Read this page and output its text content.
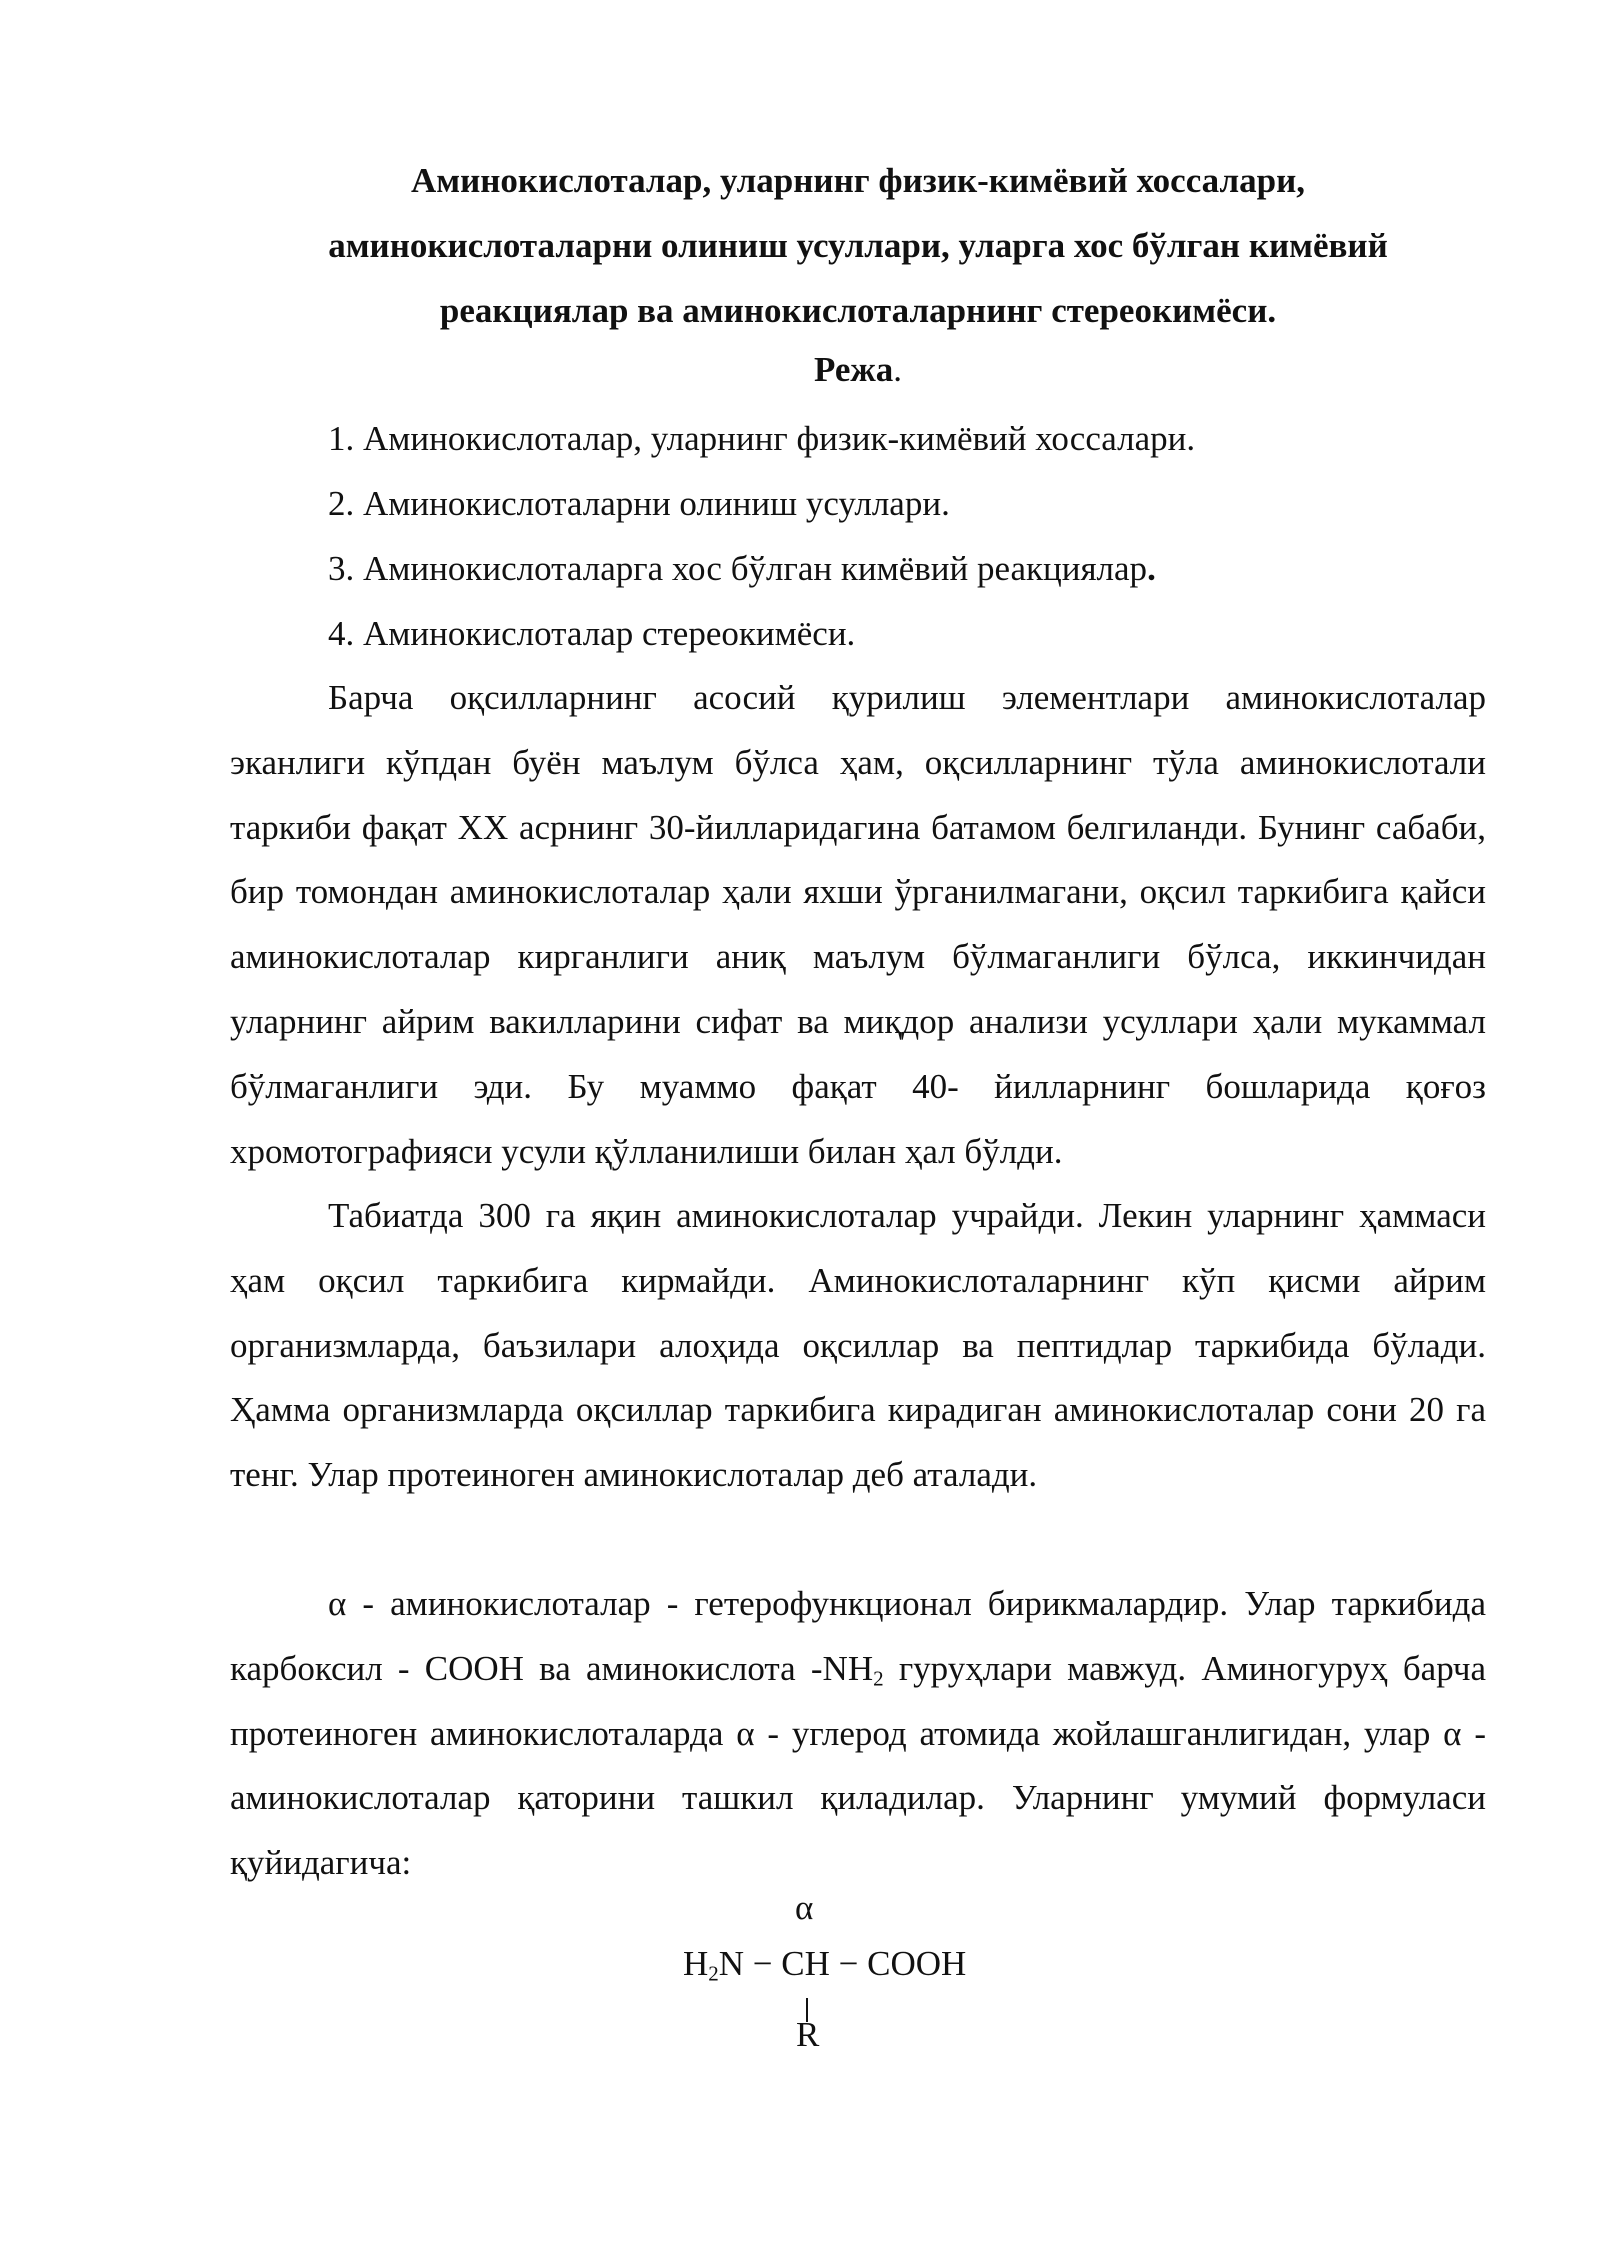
Аминокислоталар, уларнинг физик-кимёвий хоссалари,
аминокислоталарни олиниш усуллари, уларга хос бўлган кимёвий
реакциялар ва аминокислоталарнинг стереокимёси.
Режа.
1. Аминокислоталар, уларнинг физик-кимёвий хоссалари.
2. Аминокислоталарни олиниш усуллари.
3. Аминокислоталарга хос бўлган кимёвий реакциялар.
4. Аминокислоталар стереокимёси.

Барча оқсилларнинг асосий қурилиш элементлари аминокислоталар эканлиги кўпдан буён маълум бўлса ҳам, оқсилларнинг тўла аминокислотали таркиби фақат XX асрнинг 30-йилларидагина батамом белгиланди. Бунинг сабаби, бир томондан аминокислоталар ҳали яхши ўрганилмагани, оқсил таркибига қайси аминокислоталар кирганлиги аниқ маълум бўлмаганлиги бўлса, иккинчидан уларнинг айрим вакилларини сифат ва миқдор анализи усуллари ҳали мукаммал бўлмаганлиги эди. Бу муаммо фақат 40- йилларнинг бошларида қоғоз хромотографияси усули қўлланилиши билан ҳал бўлди.

Табиатда 300 га яқин аминокислоталар учрайди. Лекин уларнинг ҳаммаси ҳам оқсил таркибига кирмайди. Аминокислоталарнинг кўп қисми айрим организмларда, баъзилари алоҳида оқсиллар ва пептидлар таркибида бўлади. Ҳамма организмларда оқсиллар таркибига кирадиган аминокислоталар сони 20 га тенг. Улар протеиноген аминокислоталар деб аталади.

α - аминокислоталар - гетерофункционал бирикмалардир. Улар таркибида карбоксил - COOH ва аминокислота $-NH_2$ гуруҳлари мавжуд. Аминогуруҳ барча протеиноген аминокислоталарда α - углерод атомида жойлашганлигидан, улар α - аминокислоталар қаторини ташкил қиладилар. Уларнинг умумий формуласи қуйидагича:

α
$H_2N$ − CH − COOH
R
